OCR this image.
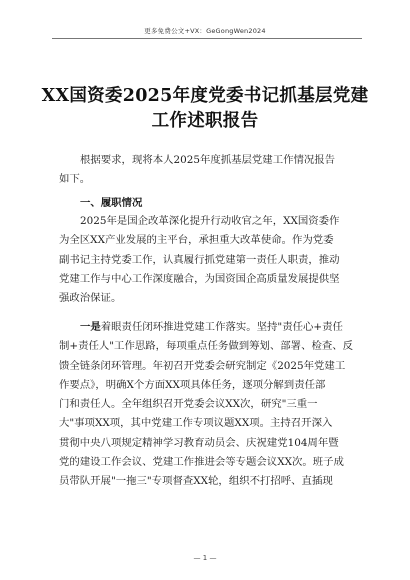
更多免费公文+VX：GeGongWen2024
XX国资委2025年度党委书记抓基层党建
工作述职报告
根据要求，现将本人2025年度抓基层党建工作情况报告
如下。
一、履职情况
2025年是国企改革深化提升行动收官之年，XX国资委作
为全区XX产业发展的主平台，承担重大改革使命。作为党委
副书记主持党委工作，认真履行抓党建第一责任人职责，推动
党建工作与中心工作深度融合，为国资国企高质量发展提供坚
强政治保证。
一是着眼责任闭环推进党建工作落实。坚持"责任心+责任
制+责任人"工作思路，每项重点任务做到筹划、部署、检查、反
馈全链条闭环管理。年初召开党委会研究制定《2025年党建工
作要点》，明确X个方面XX项具体任务，逐项分解到责任部
门和责任人。全年组织召开党委会议XX次，研究"三重一
大"事项XX项，其中党建工作专项议题XX项。主持召开深入
贯彻中央八项规定精神学习教育动员会、庆祝建党104周年暨
党的建设工作会议、党建工作推进会等专题会议XX次。班子成
员带队开展"一拖三"专项督查XX轮，组织不打招呼、直插现
— 1 —
